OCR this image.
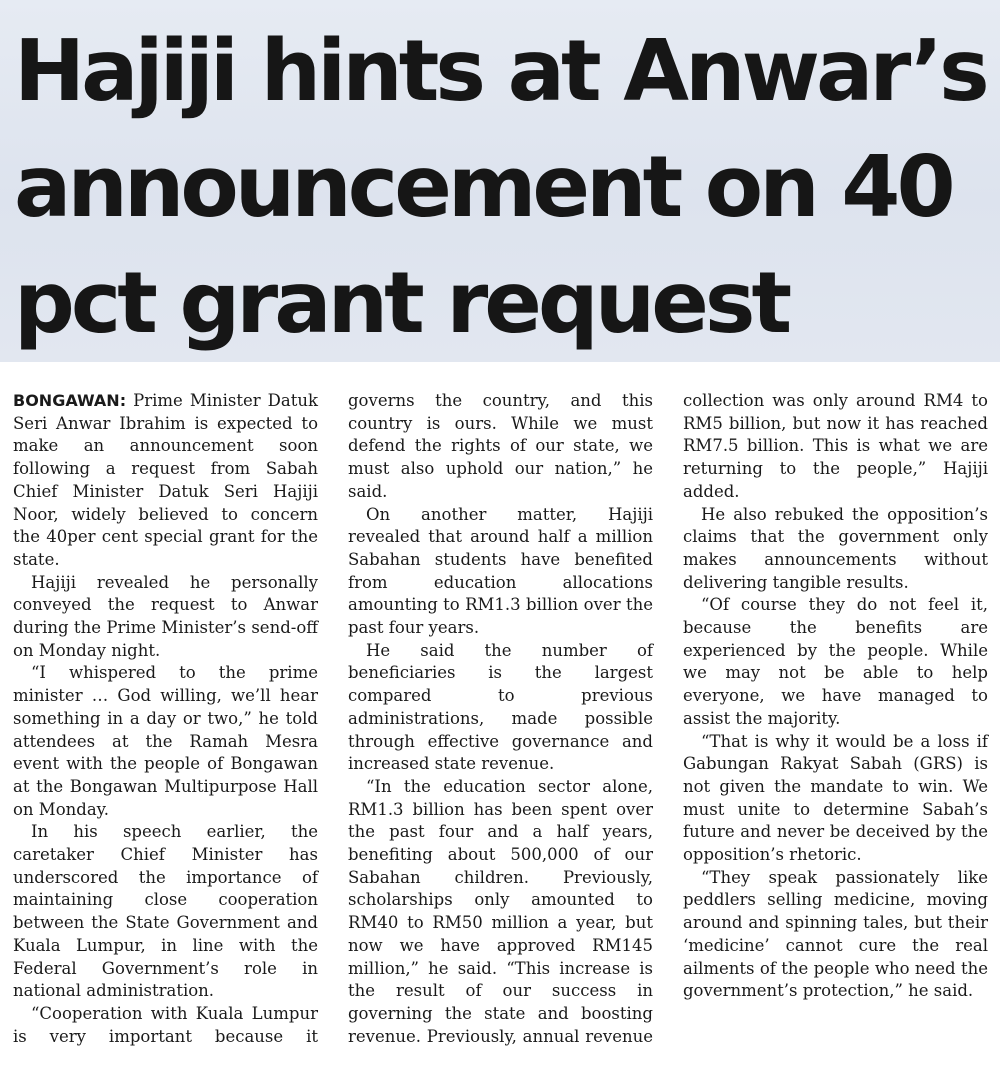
Hajiji hints at Anwar’s
announcement on 40
pct grant request

BONGAWAN: Prime Minister Datuk Seri Anwar Ibrahim is expected to make an announcement soon following a request from Sabah Chief Minister Datuk Seri Hajiji Noor, widely believed to concern the 40per cent special grant for the state.

Hajiji revealed he personally conveyed the request to Anwar during the Prime Minister’s send-off on Monday night.

“I whispered to the prime minister … God willing, we’ll hear something in a day or two,” he told attendees at the Ramah Mesra event with the people of Bongawan at the Bongawan Multipurpose Hall on Monday.

In his speech earlier, the caretaker Chief Minister has underscored the importance of maintaining close cooperation between the State Government and Kuala Lumpur, in line with the Federal Government’s role in national administration.

“Cooperation with Kuala Lumpur is very important because it governs the country, and this country is ours. While we must defend the rights of our state, we must also uphold our nation,” he said.

On another matter, Hajiji revealed that around half a million Sabahan students have benefited from education allocations amounting to RM1.3 billion over the past four years.

He said the number of beneficiaries is the largest compared to previous administrations, made possible through effective governance and increased state revenue.

“In the education sector alone, RM1.3 billion has been spent over the past four and a half years, benefiting about 500,000 of our Sabahan children. Previously, scholarships only amounted to RM40 to RM50 million a year, but now we have approved RM145 million,” he said. “This increase is the result of our success in governing the state and boosting revenue. Previously, annual revenue collection was only around RM4 to RM5 billion, but now it has reached RM7.5 billion. This is what we are returning to the people,” Hajiji added.

He also rebuked the opposition’s claims that the government only makes announcements without delivering tangible results.

“Of course they do not feel it, because the benefits are experienced by the people. While we may not be able to help everyone, we have managed to assist the majority.

“That is why it would be a loss if Gabungan Rakyat Sabah (GRS) is not given the mandate to win. We must unite to determine Sabah’s future and never be deceived by the opposition’s rhetoric.

“They speak passionately like peddlers selling medicine, moving around and spinning tales, but their ‘medicine’ cannot cure the real ailments of the people who need the government’s protection,” he said.
